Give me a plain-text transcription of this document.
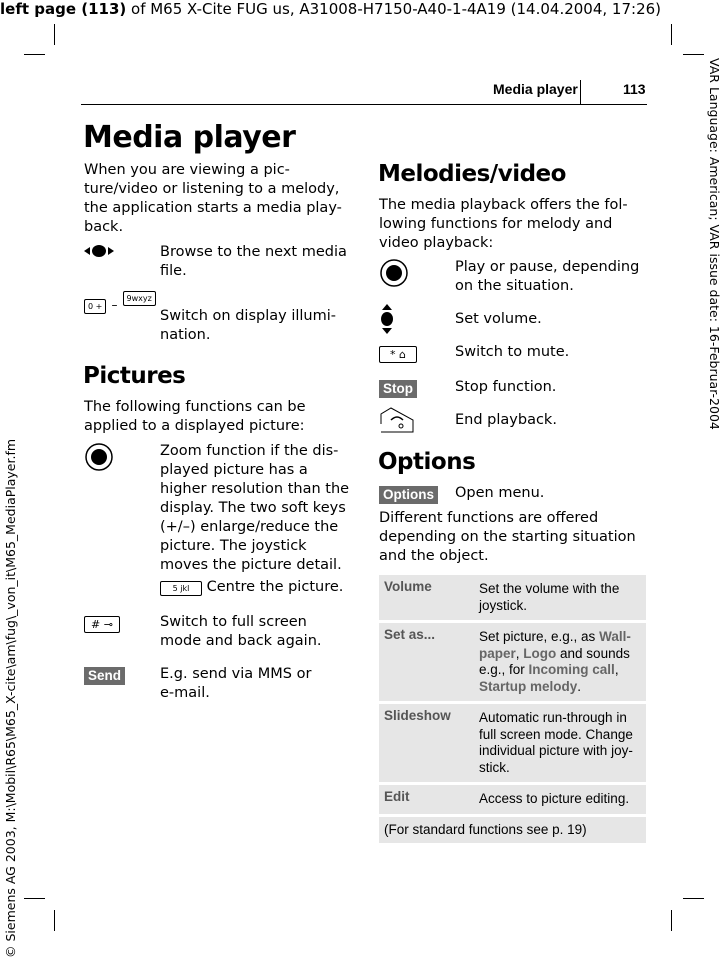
left page (113) of M65 X-Cite FUG us, A31008-H7150-A40-1-4A19 (14.04.2004, 17:26)
VAR Language: American; VAR issue date: 16-Februar-2004
© Siemens AG 2003, M:\Mobil\R65\M65_X-cite\am\fug\_von_it\M65_MediaPlayer.fm
Media player	113
Media player
When you are viewing a pic-
ture/video or listening to a melody,
the application starts a media play-
back.
Browse to the next media
file.
0 + – 9wxyz
Switch on display illumi-
nation.
Pictures
The following functions can be
applied to a displayed picture:
Zoom function if the dis-
played picture has a
higher resolution than the
display. The two soft keys
(+/–) enlarge/reduce the
picture. The joystick
moves the picture detail.
5 jkl Centre the picture.
# ⊸	Switch to full screen
mode and back again.
Send	E.g. send via MMS or
e-mail.
Melodies/video
The media playback offers the fol-
lowing functions for melody and
video playback:
Play or pause, depending
on the situation.
Set volume.
* ⌂	Switch to mute.
Stop	Stop function.
End playback.
Options
Options Open menu.
Different functions are offered
depending on the starting situation
and the object.
Volume	Set the volume with the
joystick.

Set as...	Set picture, e.g., as Wall-
paper, Logo and sounds
e.g., for Incoming call,
Startup melody.

Slideshow	Automatic run-through in
full screen mode. Change
individual picture with joy-
stick.

Edit	Access to picture editing.

(For standard functions see p. 19)	
